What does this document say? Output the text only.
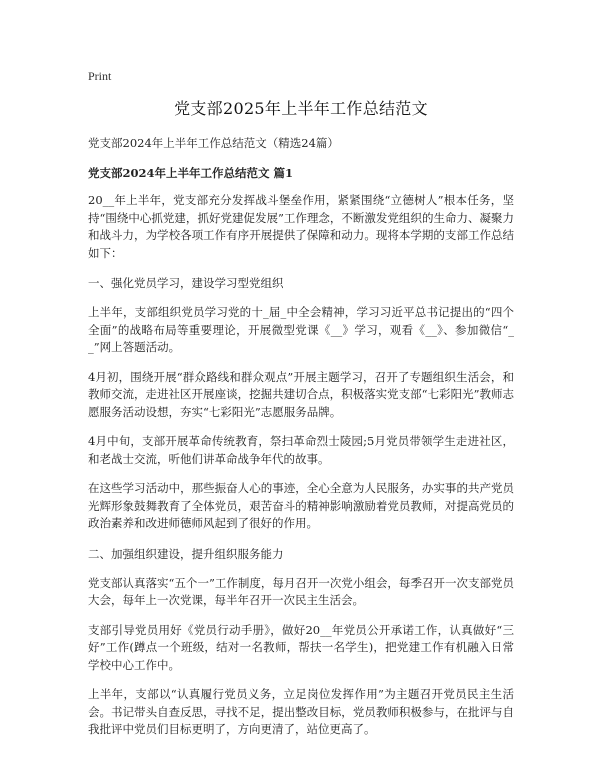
Print
党支部2025年上半年工作总结范文
党支部2024年上半年工作总结范文（精选24篇）
党支部2024年上半年工作总结范文 篇1

20__年上半年，党支部充分发挥战斗堡垒作用，紧紧围绕“立德树人”根本任务，坚持“围绕中心抓党建，抓好党建促发展”工作理念，不断激发党组织的生命力、凝聚力和战斗力，为学校各项工作有序开展提供了保障和动力。现将本学期的支部工作总结如下：

一、强化党员学习，建设学习型党组织

上半年，支部组织党员学习党的十_届_中全会精神，学习习近平总书记提出的“四个全面”的战略布局等重要理论，开展微型党课《__》学习，观看《__》、参加微信“__”网上答题活动。

4月初，围绕开展“群众路线和群众观点”开展主题学习，召开了专题组织生活会，和教师交流，走进社区开展座谈，挖掘共建切合点，积极落实党支部“七彩阳光”教师志愿服务活动设想，夯实“七彩阳光”志愿服务品牌。

4月中旬，支部开展革命传统教育，祭扫革命烈士陵园;5月党员带领学生走进社区，和老战士交流，听他们讲革命战争年代的故事。

在这些学习活动中，那些振奋人心的事迹，全心全意为人民服务，办实事的共产党员光辉形象鼓舞教育了全体党员，艰苦奋斗的精神影响激励着党员教师，对提高党员的政治素养和改进师德师风起到了很好的作用。

二、加强组织建设，提升组织服务能力

党支部认真落实“五个一”工作制度，每月召开一次党小组会，每季召开一次支部党员大会，每年上一次党课，每半年召开一次民主生活会。

支部引导党员用好《党员行动手册》，做好20__年党员公开承诺工作，认真做好“三好”工作(蹲点一个班级，结对一名教师，帮扶一名学生)，把党建工作有机融入日常学校中心工作中。

上半年，支部以“认真履行党员义务，立足岗位发挥作用”为主题召开党员民主生活会。书记带头自查反思，寻找不足，提出整改目标，党员教师积极参与，在批评与自我批评中党员们目标更明了，方向更清了，站位更高了。
